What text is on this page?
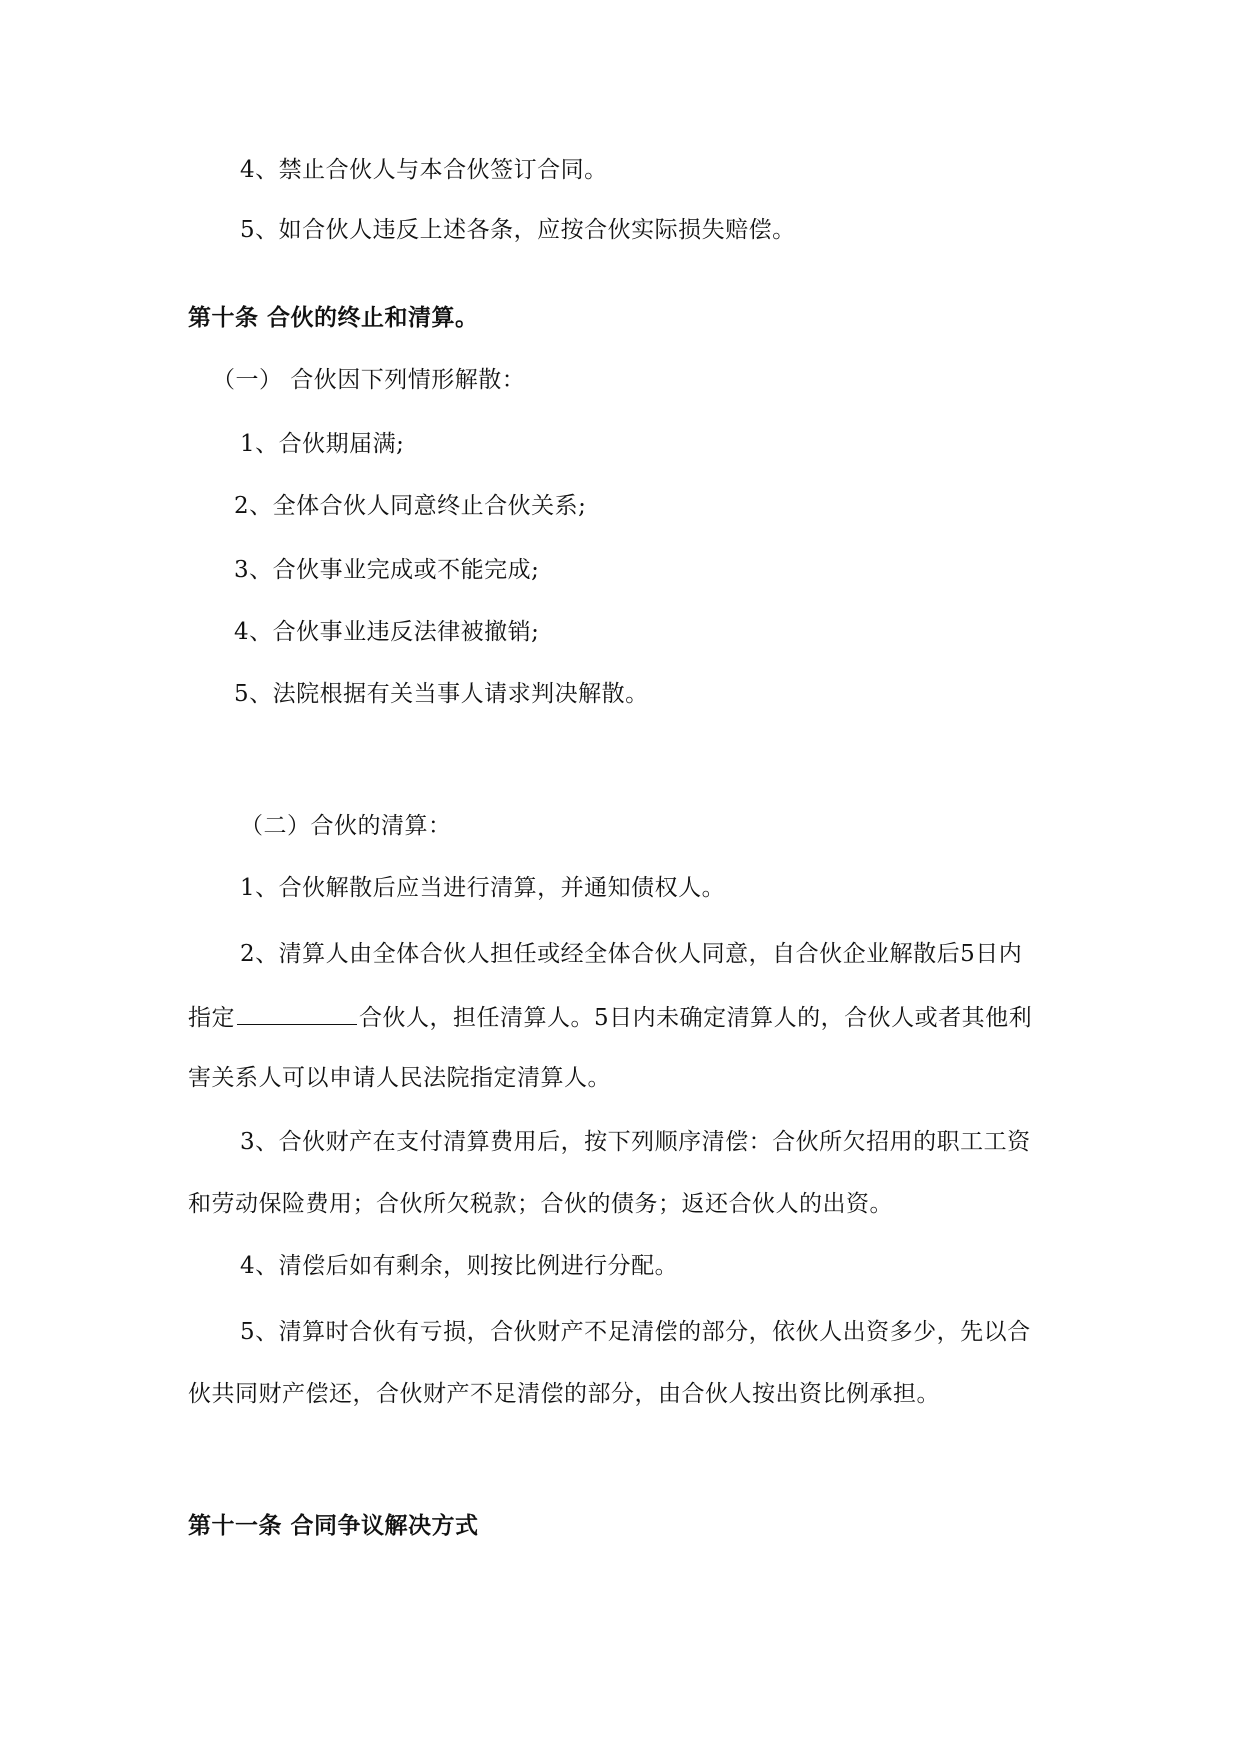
4、禁止合伙人与本合伙签订合同。
5、如合伙人违反上述各条，应按合伙实际损失赔偿。
第十条 合伙的终止和清算。
（一） 合伙因下列情形解散：
1、合伙期届满;
2、全体合伙人同意终止合伙关系;
3、合伙事业完成或不能完成;
4、合伙事业违反法律被撤销;
5、法院根据有关当事人请求判决解散。
（二）合伙的清算：
1、合伙解散后应当进行清算，并通知债权人。
2、清算人由全体合伙人担任或经全体合伙人同意，自合伙企业解散后5日内
指定	合伙人，担任清算人。5日内未确定清算人的，合伙人或者其他利
害关系人可以申请人民法院指定清算人。
3、合伙财产在支付清算费用后，按下列顺序清偿：合伙所欠招用的职工工资
和劳动保险费用；合伙所欠税款；合伙的债务；返还合伙人的出资。
4、清偿后如有剩余，则按比例进行分配。
5、清算时合伙有亏损，合伙财产不足清偿的部分，依伙人出资多少，先以合
伙共同财产偿还，合伙财产不足清偿的部分，由合伙人按出资比例承担。
第十一条 合同争议解决方式
